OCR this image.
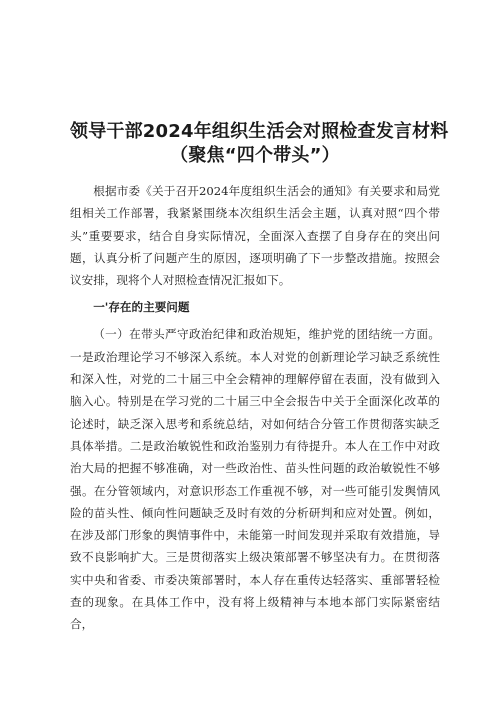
领导干部2024年组织生活会对照检查发言材料
（聚焦“四个带头”）

根据市委《关于召开2024年度组织生活会的通知》有关要求和局党组相关工作部署，我紧紧围绕本次组织生活会主题，认真对照“四个带头”重要要求，结合自身实际情况，全面深入查摆了自身存在的突出问题，认真分析了问题产生的原因，逐项明确了下一步整改措施。按照会议安排，现将个人对照检查情况汇报如下。

一'存在的主要问题

（一）在带头严守政治纪律和政治规矩，维护党的团结统一方面。一是政治理论学习不够深入系统。本人对党的创新理论学习缺乏系统性和深入性，对党的二十届三中全会精神的理解停留在表面，没有做到入脑入心。特别是在学习党的二十届三中全会报告中关于全面深化改革的论述时，缺乏深入思考和系统总结，对如何结合分管工作贯彻落实缺乏具体举措。二是政治敏锐性和政治鉴别力有待提升。本人在工作中对政治大局的把握不够准确，对一些政治性、苗头性问题的政治敏锐性不够强。在分管领域内，对意识形态工作重视不够，对一些可能引发舆情风险的苗头性、倾向性问题缺乏及时有效的分析研判和应对处置。例如，在涉及部门形象的舆情事件中，未能第一时间发现并采取有效措施，导致不良影响扩大。三是贯彻落实上级决策部署不够坚决有力。在贯彻落实中央和省委、市委决策部署时，本人存在重传达轻落实、重部署轻检查的现象。在具体工作中，没有将上级精神与本地本部门实际紧密结合，
